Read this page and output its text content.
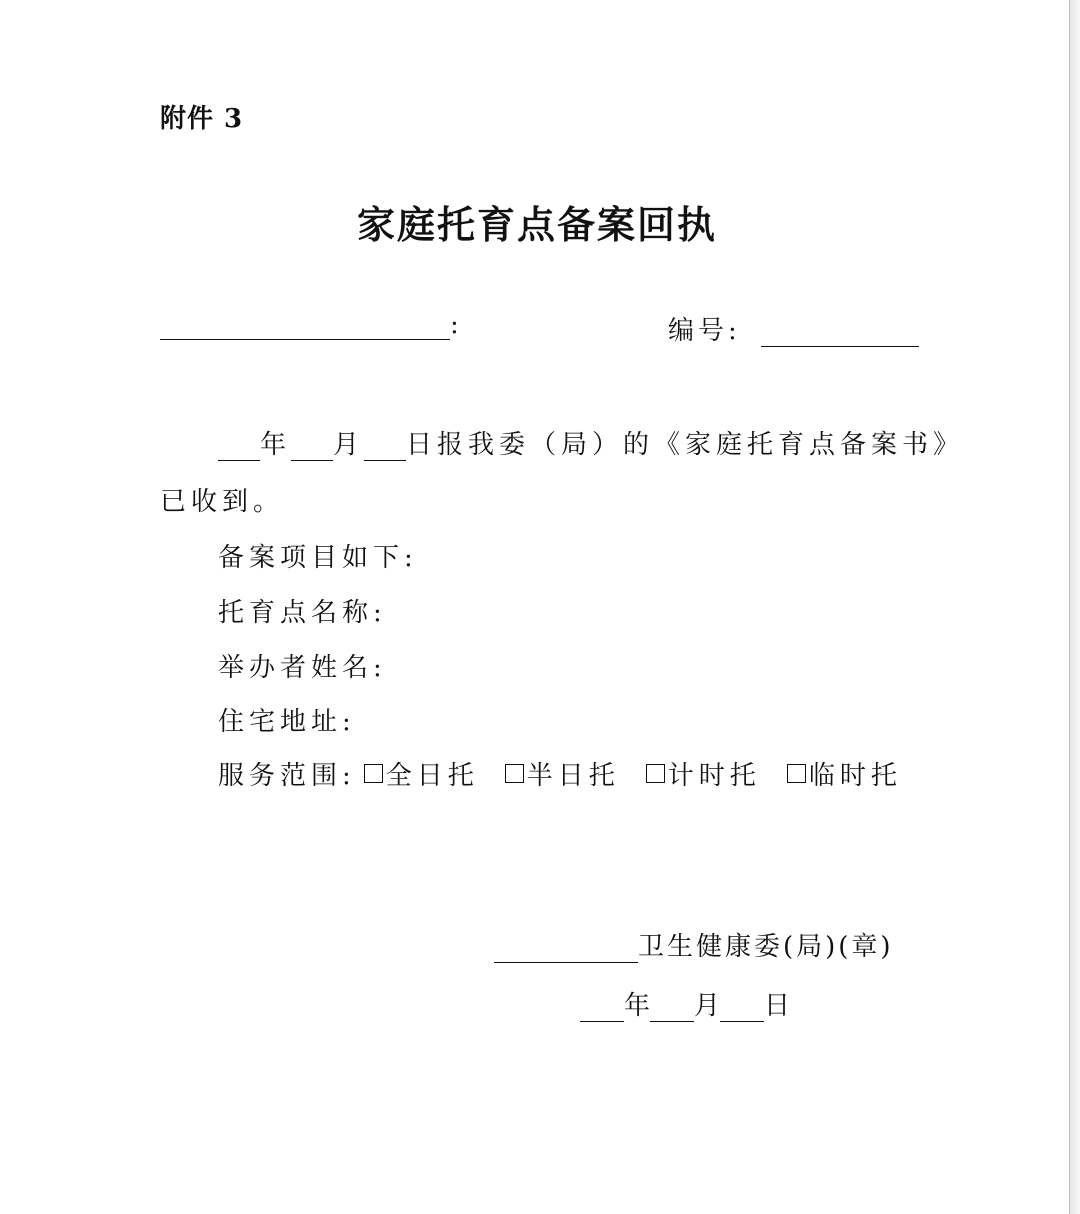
附件 3
家庭托育点备案回执
:	编号:
年 月 日报我委（局）的《家庭托育点备案书》
已收到。
备案项目如下:
托育点名称:
举办者姓名:
住宅地址:
服务范围: 全日托 半日托 计时托 临时托
卫生健康委(局)(章)
年 月 日
